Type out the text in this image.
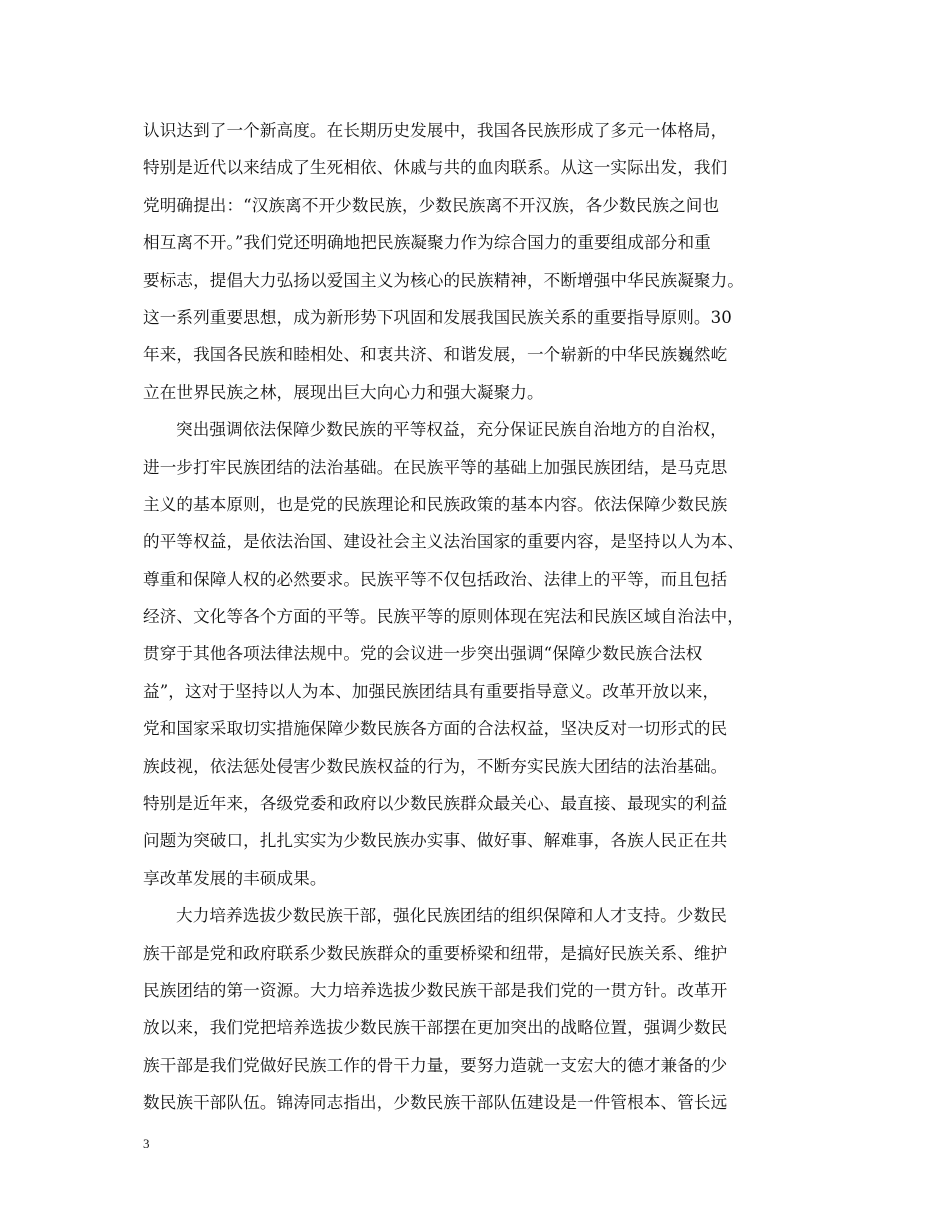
认识达到了一个新高度。在长期历史发展中，我国各民族形成了多元一体格局，
特别是近代以来结成了生死相依、休戚与共的血肉联系。从这一实际出发，我们
党明确提出：“汉族离不开少数民族，少数民族离不开汉族，各少数民族之间也
相互离不开。”我们党还明确地把民族凝聚力作为综合国力的重要组成部分和重
要标志，提倡大力弘扬以爱国主义为核心的民族精神，不断增强中华民族凝聚力。
这一系列重要思想，成为新形势下巩固和发展我国民族关系的重要指导原则。30
年来，我国各民族和睦相处、和衷共济、和谐发展，一个崭新的中华民族巍然屹
立在世界民族之林，展现出巨大向心力和强大凝聚力。
突出强调依法保障少数民族的平等权益，充分保证民族自治地方的自治权，
进一步打牢民族团结的法治基础。在民族平等的基础上加强民族团结，是马克思
主义的基本原则，也是党的民族理论和民族政策的基本内容。依法保障少数民族
的平等权益，是依法治国、建设社会主义法治国家的重要内容，是坚持以人为本、
尊重和保障人权的必然要求。民族平等不仅包括政治、法律上的平等，而且包括
经济、文化等各个方面的平等。民族平等的原则体现在宪法和民族区域自治法中，
贯穿于其他各项法律法规中。党的会议进一步突出强调“保障少数民族合法权
益”，这对于坚持以人为本、加强民族团结具有重要指导意义。改革开放以来，
党和国家采取切实措施保障少数民族各方面的合法权益，坚决反对一切形式的民
族歧视，依法惩处侵害少数民族权益的行为，不断夯实民族大团结的法治基础。
特别是近年来，各级党委和政府以少数民族群众最关心、最直接、最现实的利益
问题为突破口，扎扎实实为少数民族办实事、做好事、解难事，各族人民正在共
享改革发展的丰硕成果。
大力培养选拔少数民族干部，强化民族团结的组织保障和人才支持。少数民
族干部是党和政府联系少数民族群众的重要桥梁和纽带，是搞好民族关系、维护
民族团结的第一资源。大力培养选拔少数民族干部是我们党的一贯方针。改革开
放以来，我们党把培养选拔少数民族干部摆在更加突出的战略位置，强调少数民
族干部是我们党做好民族工作的骨干力量，要努力造就一支宏大的德才兼备的少
数民族干部队伍。锦涛同志指出，少数民族干部队伍建设是一件管根本、管长远
3
